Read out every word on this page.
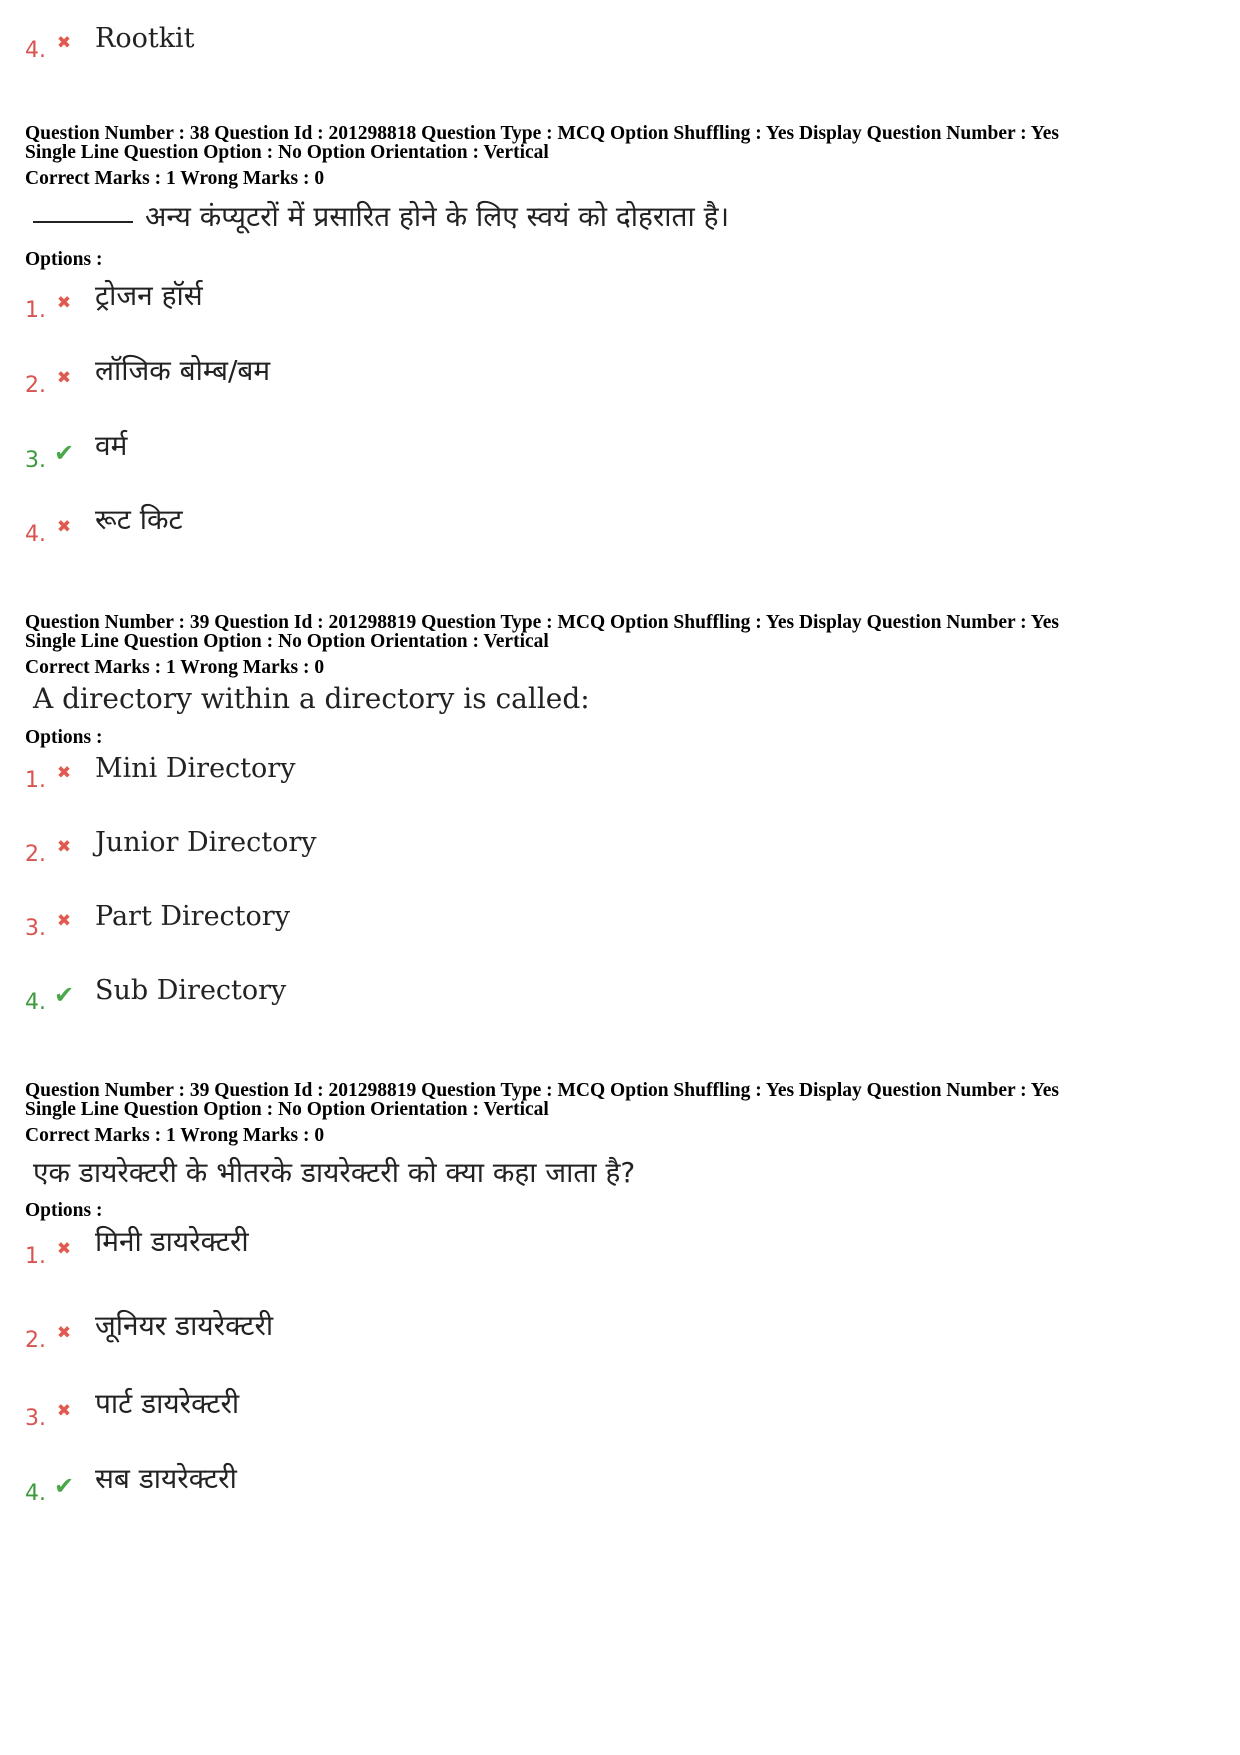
4. ✖ Rootkit
Question Number : 38 Question Id : 201298818 Question Type : MCQ Option Shuffling : Yes Display Question Number : Yes
Single Line Question Option : No Option Orientation : Vertical
Correct Marks : 1 Wrong Marks : 0
अन्य कंप्यूटरों में प्रसारित होने के लिए स्वयं को दोहराता है।
Options :
1. ✖ ट्रोजन हॉर्स
2. ✖ लॉजिक बोम्ब/बम
3. ✔ वर्म
4. ✖ रूट किट
Question Number : 39 Question Id : 201298819 Question Type : MCQ Option Shuffling : Yes Display Question Number : Yes
Single Line Question Option : No Option Orientation : Vertical
Correct Marks : 1 Wrong Marks : 0
A directory within a directory is called:
Options :
1. ✖ Mini Directory
2. ✖ Junior Directory
3. ✖ Part Directory
4. ✔ Sub Directory
Question Number : 39 Question Id : 201298819 Question Type : MCQ Option Shuffling : Yes Display Question Number : Yes
Single Line Question Option : No Option Orientation : Vertical
Correct Marks : 1 Wrong Marks : 0
एक डायरेक्टरी के भीतरके डायरेक्टरी को क्या कहा जाता है?
Options :
1. ✖ मिनी डायरेक्टरी
2. ✖ जूनियर डायरेक्टरी
3. ✖ पार्ट डायरेक्टरी
4. ✔ सब डायरेक्टरी
